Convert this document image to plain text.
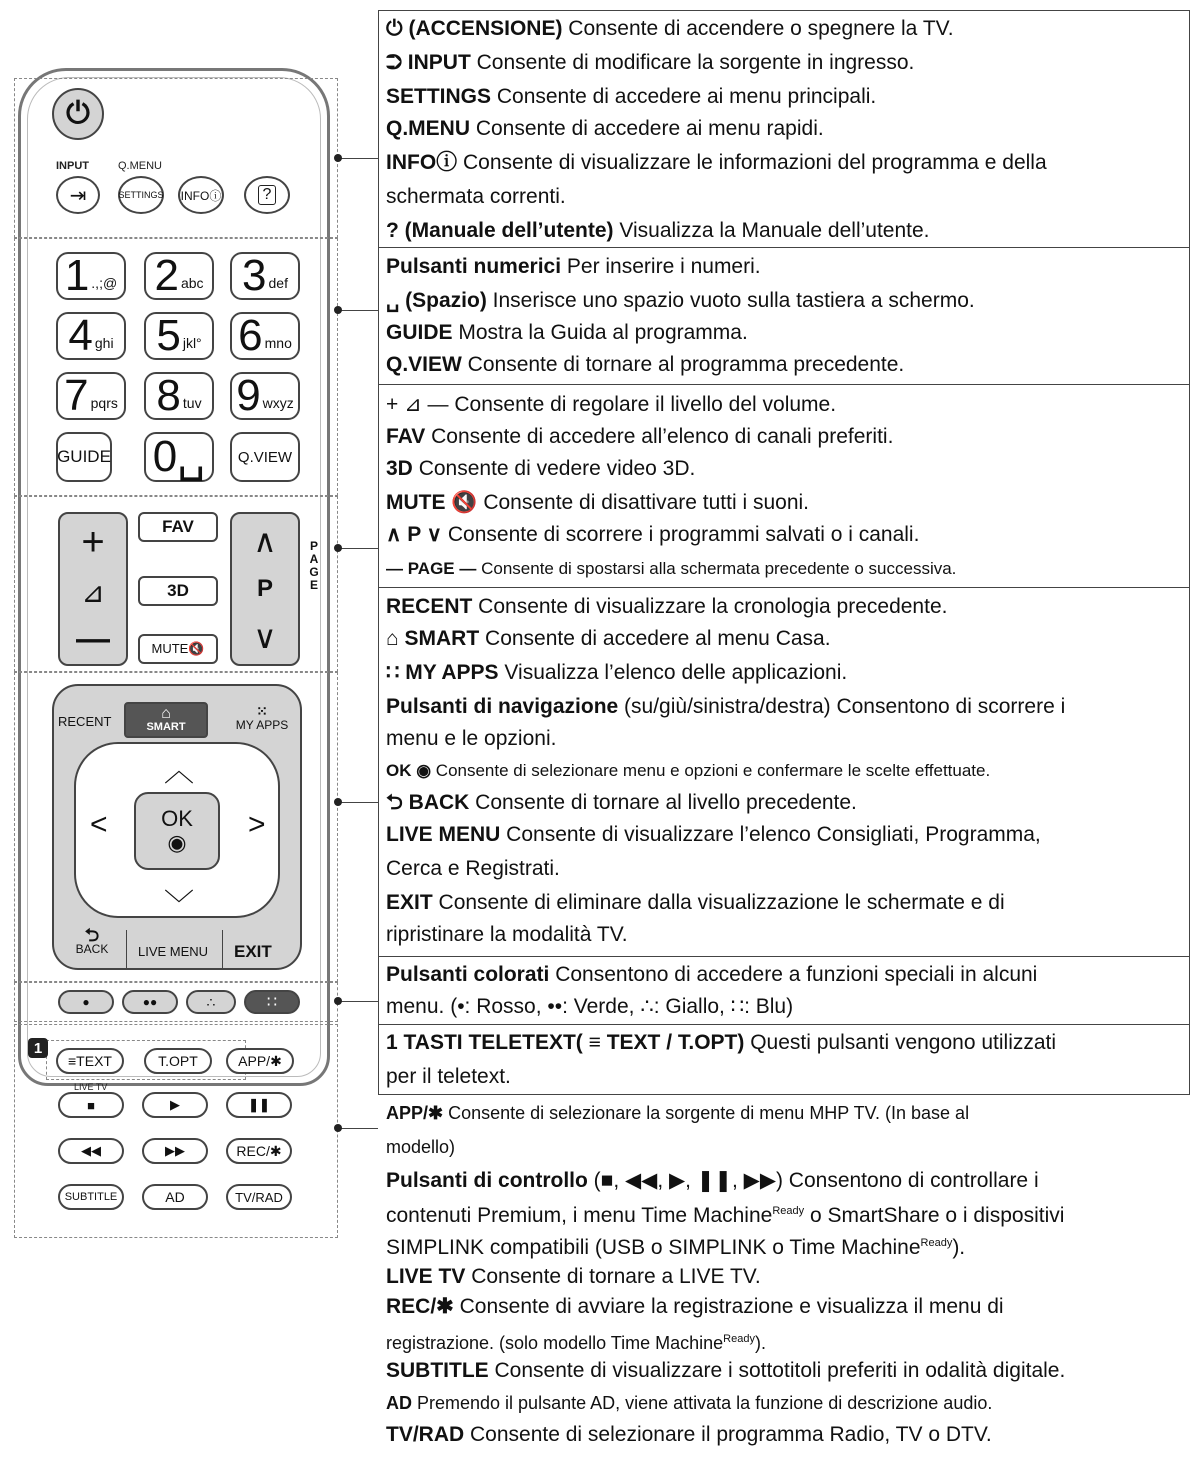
⏻
INPUT	Q.MENU
⇥	SETTINGS INFOⓘ	?
1 .,;@ 2 abc 3 def
4 ghi 5 jkl° 6 mno
7 pqrs 8 tuv 9 wxyz
GUIDE 0␣	Q.VIEW
+
⊿
—
FAV
3D
MUTE🔇
∧
P
∨
PAGE
RECENT	⌂
SMART
⁙
MY APPS
︿
﹀
<	>
OK
◉
⮌
BACK	LIVE MENU EXIT
●	●●	∴	∷
1
≡TEXT	T.OPT	APP/✱
LIVE TV
■	▶	❚❚
◀◀	▶▶	REC/✱
SUBTITLE	AD	TV/RAD
⏻ (ACCENSIONE) Consente di accendere o spegnere la TV.
⮊ INPUT Consente di modificare la sorgente in ingresso.
SETTINGS Consente di accedere ai menu principali.
Q.MENU Consente di accedere ai menu rapidi.
INFOⓘ Consente di visualizzare le informazioni del programma e della
schermata correnti.
? (Manuale dell’utente) Visualizza la Manuale dell’utente.
Pulsanti numerici Per inserire i numeri.
␣ (Spazio) Inserisce uno spazio vuoto sulla tastiera a schermo.
GUIDE Mostra la Guida al programma.
Q.VIEW Consente di tornare al programma precedente.
+ ⊿ — Consente di regolare il livello del volume.
FAV Consente di accedere all’elenco di canali preferiti.
3D Consente di vedere video 3D.
MUTE 🔇 Consente di disattivare tutti i suoni.
∧ P ∨ Consente di scorrere i programmi salvati o i canali.
— PAGE — Consente di spostarsi alla schermata precedente o successiva.
RECENT Consente di visualizzare la cronologia precedente.
⌂ SMART Consente di accedere al menu Casa.
∷ MY APPS Visualizza l’elenco delle applicazioni.
Pulsanti di navigazione (su/giù/sinistra/destra) Consentono di scorrere i
menu e le opzioni.
OK ◉ Consente di selezionare menu e opzioni e confermare le scelte effettuate.
⮌ BACK Consente di tornare al livello precedente.
LIVE MENU Consente di visualizzare l’elenco Consigliati, Programma,
Cerca e Registrati.
EXIT Consente di eliminare dalla visualizzazione le schermate e di
ripristinare la modalità TV.
Pulsanti colorati Consentono di accedere a funzioni speciali in alcuni
menu. (•: Rosso, ••: Verde, ∴: Giallo, ∷: Blu)
1 TASTI TELETEXT( ≡ TEXT / T.OPT) Questi pulsanti vengono utilizzati
per il teletext.
APP/✱ Consente di selezionare la sorgente di menu MHP TV. (In base al
modello)
Pulsanti di controllo (■, ◀◀, ▶, ❚❚, ▶▶) Consentono di controllare i
contenuti Premium, i menu Time Machine$^{Ready}$ o SmartShare o i dispositivi
SIMPLINK compatibili (USB o SIMPLINK o Time Machine$^{Ready}$).
LIVE TV Consente di tornare a LIVE TV.
REC/✱ Consente di avviare la registrazione e visualizza il menu di
registrazione. (solo modello Time Machine$^{Ready}$).
SUBTITLE Consente di visualizzare i sottotitoli preferiti in odalità digitale.
AD Premendo il pulsante AD, viene attivata la funzione di descrizione audio.
TV/RAD Consente di selezionare il programma Radio, TV o DTV.
